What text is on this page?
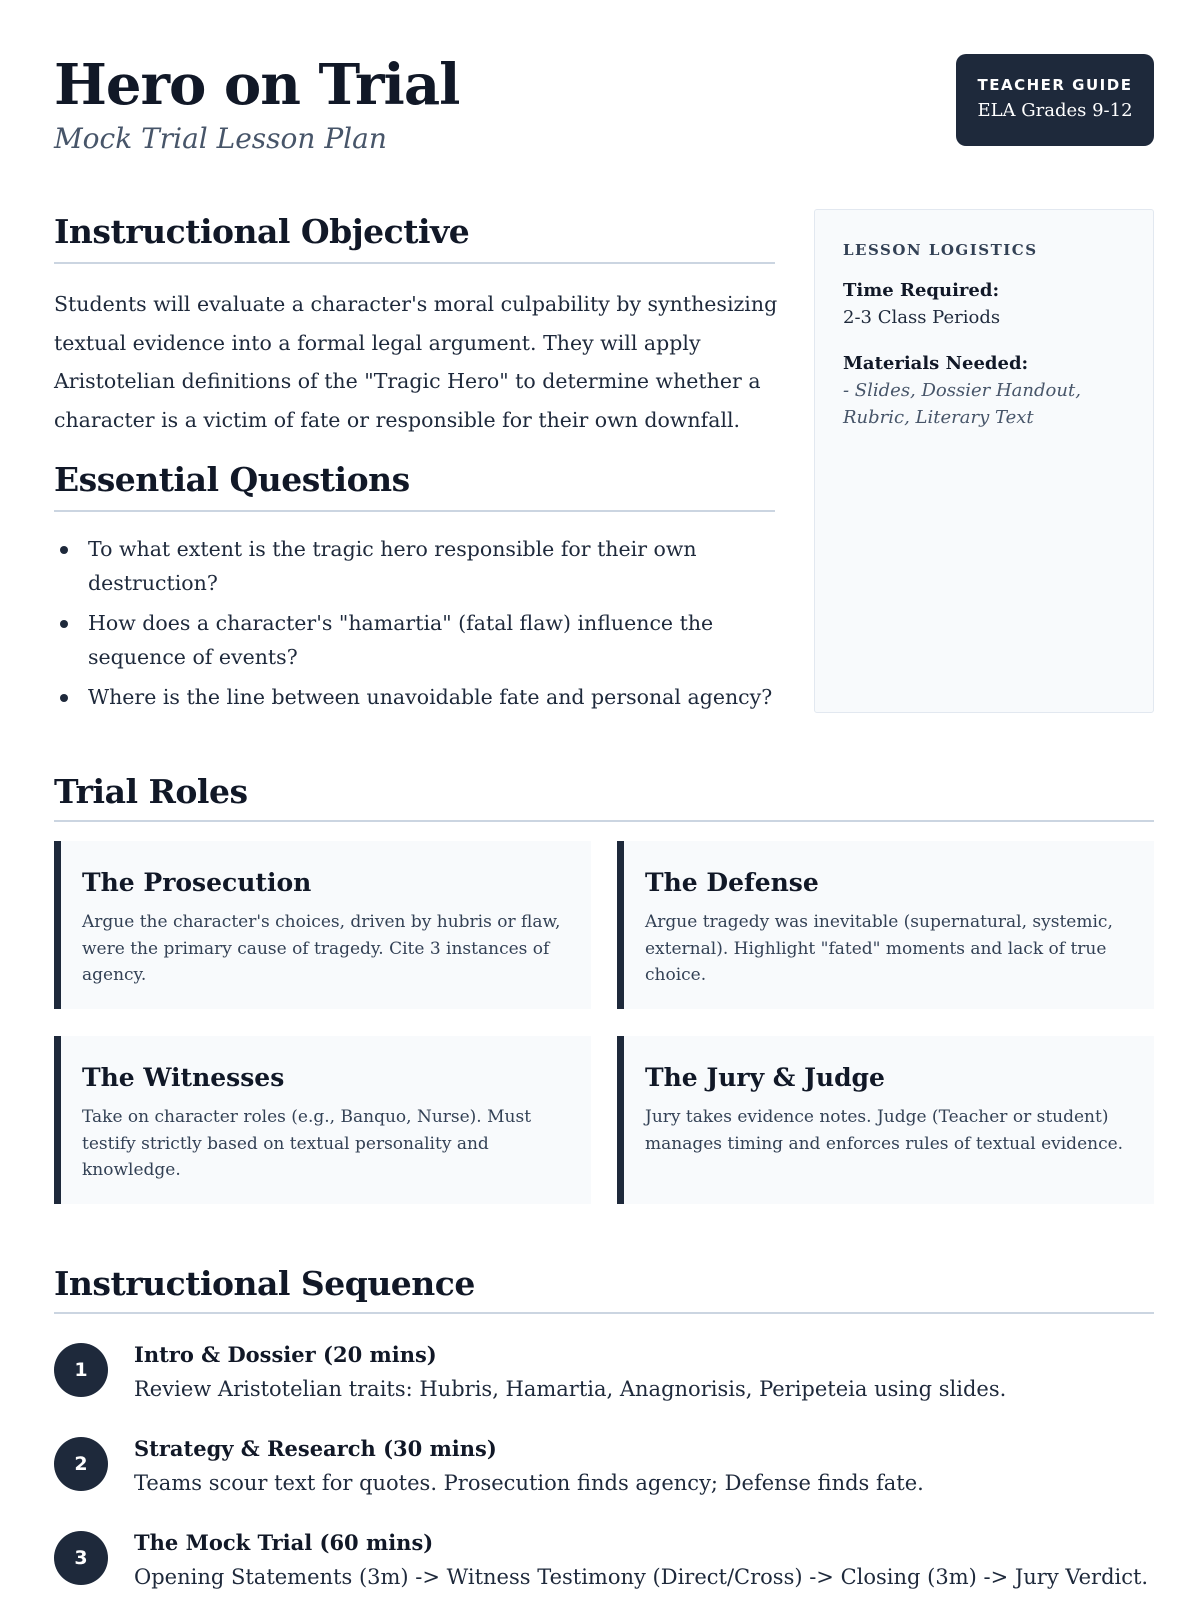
Hero on Trial
Mock Trial Lesson Plan
TEACHER GUIDE
ELA Grades 9-12
Instructional Objective

Students will evaluate a character's moral culpability by synthesizing textual evidence into a formal legal argument. They will apply Aristotelian definitions of the "Tragic Hero" to determine whether a character is a victim of fate or responsible for their own downfall.

Essential Questions
To what extent is the tragic hero responsible for their own destruction?
How does a character's "hamartia" (fatal flaw) influence the sequence of events?
Where is the line between unavoidable fate and personal agency?
LESSON LOGISTICS
Time Required:
2-3 Class Periods
Materials Needed:
- Slides, Dossier Handout, Rubric, Literary Text
Trial Roles
The Prosecution
Argue the character's choices, driven by hubris or flaw, were the primary cause of tragedy. Cite 3 instances of agency.
The Defense
Argue tragedy was inevitable (supernatural, systemic, external). Highlight "fated" moments and lack of true choice.
The Witnesses
Take on character roles (e.g., Banquo, Nurse). Must testify strictly based on textual personality and knowledge.
The Jury & Judge
Jury takes evidence notes. Judge (Teacher or student) manages timing and enforces rules of textual evidence.
Instructional Sequence
1
Intro & Dossier (20 mins)
Review Aristotelian traits: Hubris, Hamartia, Anagnorisis, Peripeteia using slides.
2
Strategy & Research (30 mins)
Teams scour text for quotes. Prosecution finds agency; Defense finds fate.
3
The Mock Trial (60 mins)
Opening Statements (3m) -> Witness Testimony (Direct/Cross) -> Closing (3m) -> Jury Verdict.
